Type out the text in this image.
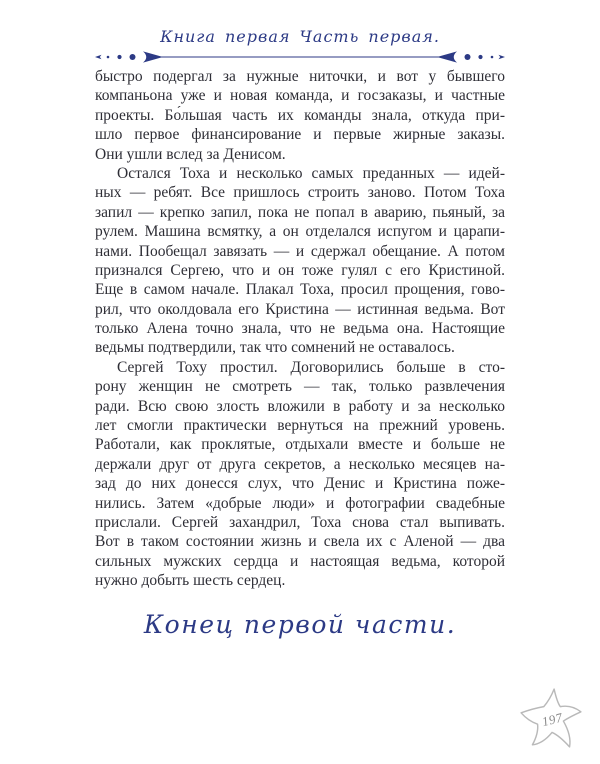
Книга первая Часть первая.
быстро подергал за нужные ниточки, и вот у бывшего
компаньона уже и новая команда, и госзаказы, и частные
проекты. Бо́льшая часть их команды знала, откуда при-
шло первое финансирование и первые жирные заказы.
Они ушли вслед за Денисом.
Остался Тоха и несколько самых преданных — идей-
ных — ребят. Все пришлось строить заново. Потом Тоха
запил — крепко запил, пока не попал в аварию, пьяный, за
рулем. Машина всмятку, а он отделался испугом и царапи-
нами. Пообещал завязать — и сдержал обещание. А потом
признался Сергею, что и он тоже гулял с его Кристиной.
Еще в самом начале. Плакал Тоха, просил прощения, гово-
рил, что околдовала его Кристина — истинная ведьма. Вот
только Алена точно знала, что не ведьма она. Настоящие
ведьмы подтвердили, так что сомнений не оставалось.
Сергей Тоху простил. Договорились больше в сто-
рону женщин не смотреть — так, только развлечения
ради. Всю свою злость вложили в работу и за несколько
лет смогли практически вернуться на прежний уровень.
Работали, как проклятые, отдыхали вместе и больше не
держали друг от друга секретов, а несколько месяцев на-
зад до них донесся слух, что Денис и Кристина поже-
нились. Затем «добрые люди» и фотографии свадебные
прислали. Сергей захандрил, Тоха снова стал выпивать.
Вот в таком состоянии жизнь и свела их с Аленой — два
сильных мужских сердца и настоящая ведьма, которой
нужно добыть шесть сердец.
Конец первой части.
197
